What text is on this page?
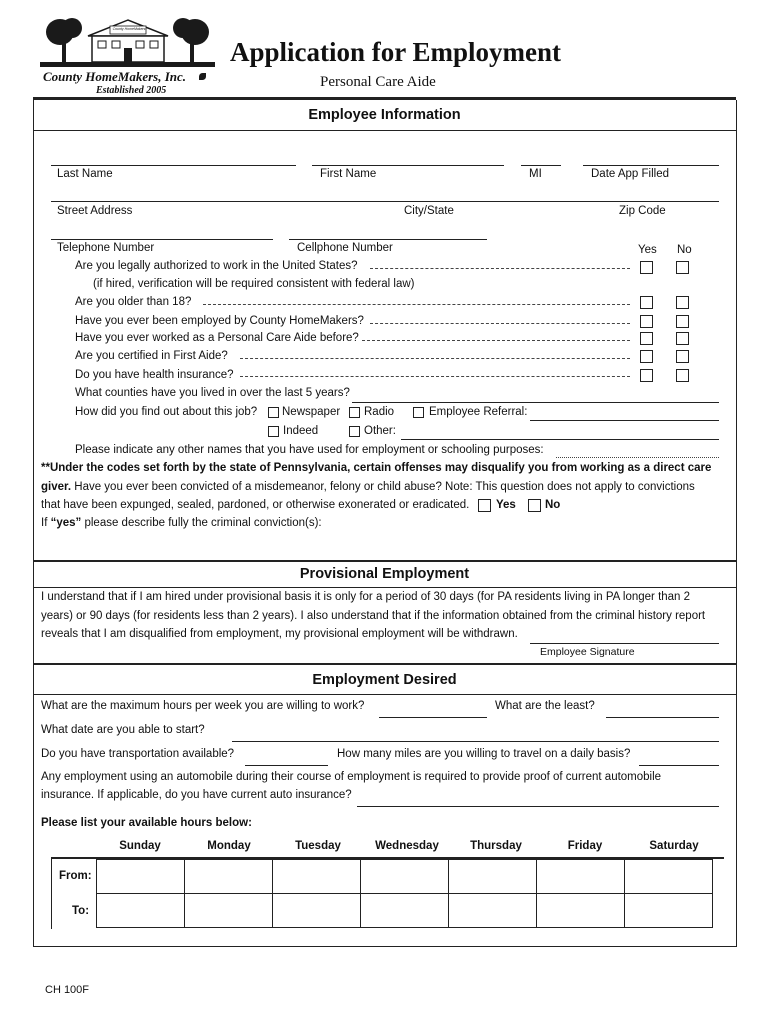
County HomeMakers
County HomeMakers, Inc.
Established 2005
Application for Employment
Personal Care Aide
Employee Information
Last Name	First Name	MI	Date App Filled
Street Address	City/State	Zip Code
Telephone Number	Cellphone Number	Yes No
Are you legally authorized to work in the United States?
(if hired, verification will be required consistent with federal law)
Are you older than 18?
Have you ever been employed by County HomeMakers?
Have you ever worked as a Personal Care Aide before?
Are you certified in First Aide?
Do you have health insurance?
What counties have you lived in over the last 5 years?
How did you find out about this job? Newspaper Radio	Employee Referral:
Indeed	Other:
Please indicate any other names that you have used for employment or schooling purposes:
**Under the codes set forth by the state of Pennsylvania, certain offenses may disqualify you from working as a direct care
giver. Have you ever been convicted of a misdemeanor, felony or child abuse? Note: This question does not apply to convictions
that have been expunged, sealed, pardoned, or otherwise exonerated or eradicated. Yes	No
If “yes” please describe fully the criminal conviction(s):
Provisional Employment
I understand that if I am hired under provisional basis it is only for a period of 30 days (for PA residents living in PA longer than 2
years) or 90 days (for residents less than 2 years). I also understand that if the information obtained from the criminal history report
reveals that I am disqualified from employment, my provisional employment will be withdrawn.
Employee Signature
Employment Desired
What are the maximum hours per week you are willing to work?	What are the least?
What date are you able to start?
Do you have transportation available?	How many miles are you willing to travel on a daily basis?
Any employment using an automobile during their course of employment is required to provide proof of current automobile
insurance. If applicable, do you have current auto insurance?
Please list your available hours below:
Sunday	Monday	Tuesday	Wednesday	Thursday	Friday	Saturday
From:
To:

CH 100F
